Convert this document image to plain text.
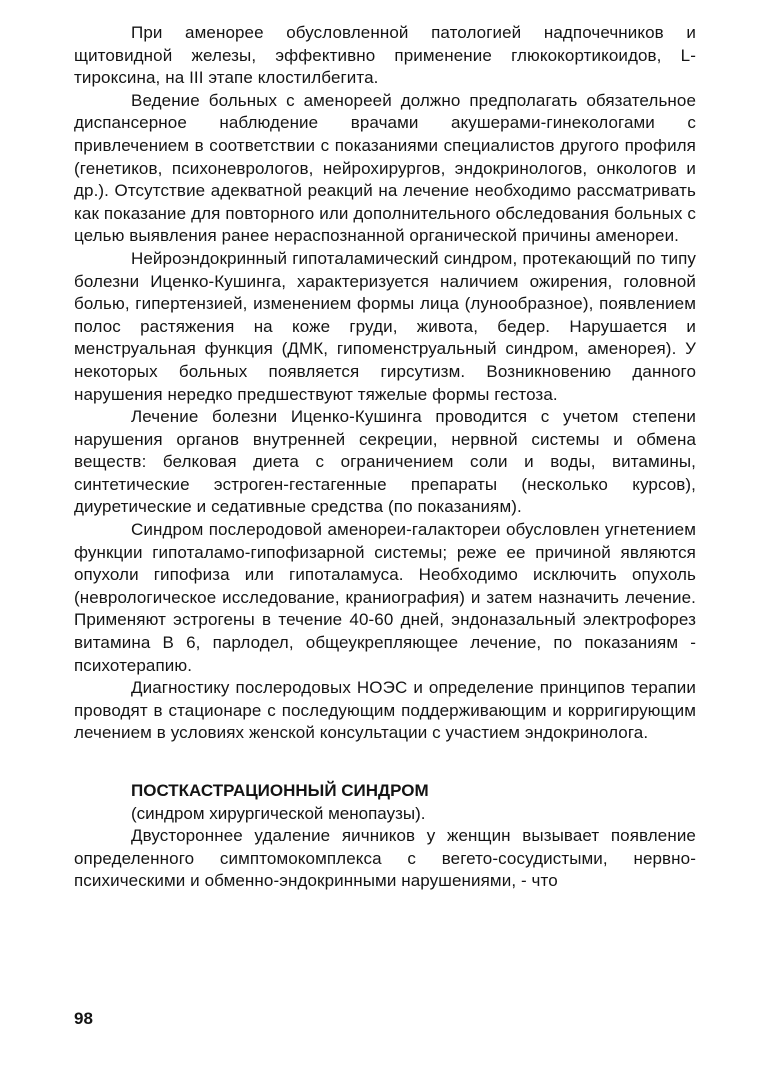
При аменорее обусловленной патологией надпочечников и щитовидной железы, эффективно применение глюкокортикоидов, L-тироксина, на III этапе клостилбегита.

Ведение больных с аменореей должно предполагать обязательное диспансерное наблюдение врачами акушерами-гинекологами с привлечением в соответствии с показаниями специалистов другого профиля (генетиков, психоневрологов, нейрохирургов, эндокринологов, онкологов и др.). Отсутствие адекватной реакций на лечение необходимо рассматривать как показание для повторного или дополнительного обследования больных с целью выявления ранее нераспознанной органической причины аменореи.

Нейроэндокринный гипоталамический синдром, протекающий по типу болезни Иценко-Кушинга, характеризуется наличием ожирения, головной болью, гипертензией, изменением формы лица (лунообразное), появлением полос растяжения на коже груди, живота, бедер. Нарушается и менструальная функция (ДМК, гипоменструальный синдром, аменорея). У некоторых больных появляется гирсутизм. Возникновению данного нарушения нередко предшествуют тяжелые формы гестоза.

Лечение болезни Иценко-Кушинга проводится с учетом степени нарушения органов внутренней секреции, нервной системы и обмена веществ: белковая диета с ограничением соли и воды, витамины, синтетические эстроген-гестагенные препараты (несколько курсов), диуретические и седативные средства (по показаниям).

Синдром послеродовой аменореи-галактореи обусловлен угнетением функции гипоталамо-гипофизарной системы; реже ее причиной являются опухоли гипофиза или гипоталамуса. Необходимо исключить опухоль (неврологическое исследование, краниография) и затем назначить лечение. Применяют эстрогены в течение 40-60 дней, эндоназальный электрофорез витамина В 6, парлодел, общеукрепляющее лечение, по показаниям - психотерапию.

Диагностику послеродовых НОЭС и определение принципов терапии проводят в стационаре с последующим поддерживающим и корригирующим лечением в условиях женской консультации с участием эндокринолога.

ПОСТКАСТРАЦИОННЫЙ СИНДРОМ

(синдром хирургической менопаузы).

Двустороннее удаление яичников у женщин вызывает появление определенного симптомокомплекса с вегето-сосудистыми, нервно-психическими и обменно-эндокринными нарушениями, - что

98
